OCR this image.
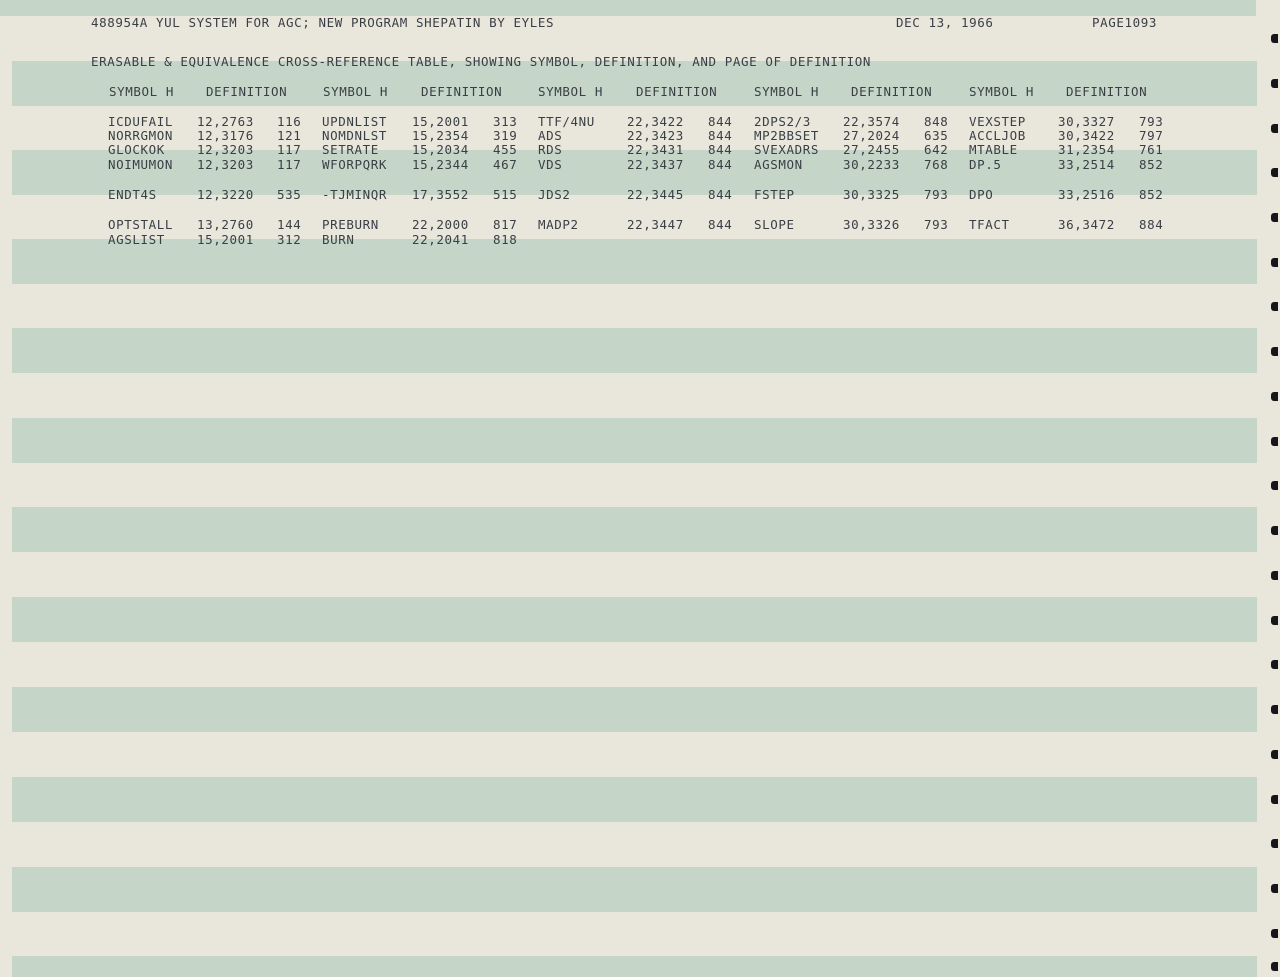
488954A YUL SYSTEM FOR AGC; NEW PROGRAM SHEPATIN BY EYLES	DEC 13, 1966	PAGE1093
ERASABLE & EQUIVALENCE CROSS-REFERENCE TABLE, SHOWING SYMBOL, DEFINITION, AND PAGE OF DEFINITION
SYMBOL H	DEFINITION	SYMBOL H	DEFINITION	SYMBOL H	DEFINITION	SYMBOL H	DEFINITION	SYMBOL H	DEFINITION
ICDUFAIL 12,2763 116 UPDNLIST 15,2001 313 TTF/4NU	22,3422 844 2DPS2/3	22,3574 848 VEXSTEP	30,3327 793
NORRGMON 12,3176 121 NOMDNLST 15,2354 319 ADS	22,3423 844 MP2BBSET 27,2024 635 ACCLJOB	30,3422 797
GLOCKOK	12,3203 117 SETRATE	15,2034 455 RDS	22,3431 844 SVEXADRS 27,2455 642 MTABLE	31,2354 761
NOIMUMON 12,3203 117 WFORPQRK 15,2344 467 VDS	22,3437 844 AGSMON	30,2233 768 DP.5	33,2514 852
ENDT4S	12,3220 535 -TJMINQR 17,3552 515 JDS2	22,3445 844 FSTEP	30,3325 793 DPO	33,2516 852
OPTSTALL 13,2760 144 PREBURN	22,2000 817 MADP2	22,3447 844 SLOPE	30,3326 793 TFACT	36,3472 884
AGSLIST	15,2001 312 BURN	22,2041 818
